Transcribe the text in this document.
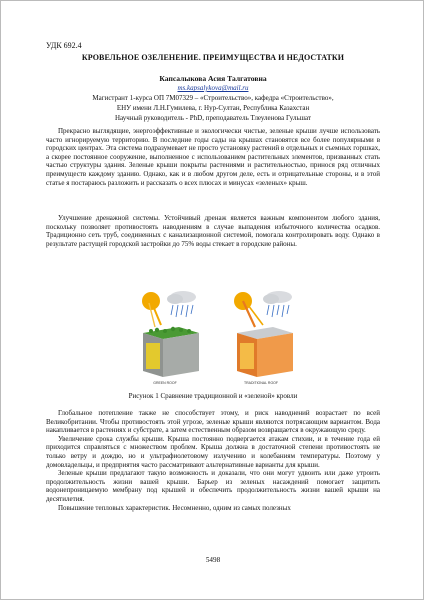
УДК 692.4
КРОВЕЛЬНОЕ ОЗЕЛЕНЕНИЕ. ПРЕИМУЩЕСТВА И НЕДОСТАТКИ
Капсалыкова Асия Талгатовна
ms.kapsalykova@mail.ru
Магистрант 1-курса ОП 7М07329 – «Строительство», кафедра «Строительство»,
ЕНУ имени Л.Н.Гумилева, г. Нур-Султан, Республика Казахстан
Научный руководитель - PhD, преподаватель Тлеуленова Гульшат

Прекрасно выглядящие, энергоэффективные и экологически чистые, зеленые крыши лучше использовать часто игнорируемую территорию. В последние годы сады на крышах становятся все более популярными в городских центрах. Эта система подразумевает не просто установку растений в отдельных и съемных горшках, а скорее постоянное сооружение, выполненное с использованием растительных элементов, призванных стать частью структуры здания. Зеленые крыши покрыты растениями и растительностью, принося ряд отличных преимуществ каждому зданию. Однако, как и в любом другом деле, есть и отрицательные стороны, и в этой статье я постараюсь разложить и рассказать о всех плюсах и минусах «зеленых» крыш.

Улучшение дренажной системы. Устойчивый дренаж является важным компонентом любого здания, поскольку позволяет противостоять наводнениям в случае выпадения избыточного количества осадков. Традиционно сеть труб, соединенных с канализационной системой, помогала контролировать воду. Однако в результате растущей городской застройки до 75% воды стекает в городские районы.

GREEN ROOF	TRADITIONAL ROOF
Рисунок 1 Сравнение традиционной и «зеленой» кровли

Глобальное потепление также не способствует этому, и риск наводнений возрастает по всей Великобритании. Чтобы противостоять этой угрозе, зеленые крыши являются потрясающим вариантом. Вода накапливается в растениях и субстрате, а затем естественным образом возвращается в окружающую среду.

Увеличение срока службы крыши. Крыша постоянно подвергается атакам стихии, и в течение года ей приходится справляться с множеством проблем. Крыша должна в достаточной степени противостоять не только ветру и дождю, но и ультрафиолетовому излучению и колебаниям температуры. Поэтому у домовладельцы, и предприятия часто рассматривают альтернативные варианты для крыши.

Зеленые крыши предлагают такую возможность и доказали, что они могут удвоить или даже утроить продолжительность жизни вашей крыши. Барьер из зеленых насаждений помогает защитить водонепроницаемую мембрану под крышей и обеспечить продолжительность жизни вашей крыши на десятилетия.

Повышение тепловых характеристик. Несомненно, одним из самых полезных

5498
